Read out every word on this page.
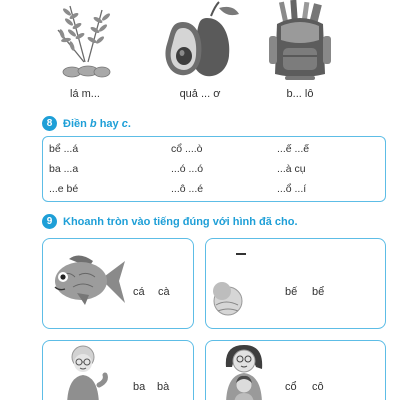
lá m...	quả ... ơ	b... lô
8 Điền b hay c.
bể ...á	cổ ....ò	...ế ...ế
ba ...a	...ó ...ó	...à cụ
...e bé	...ô ...é	...ổ ...í
9 Khoanh tròn vào tiếng đúng với hình đã cho.
cá cà	bế bể
ba bà	cổ cô
